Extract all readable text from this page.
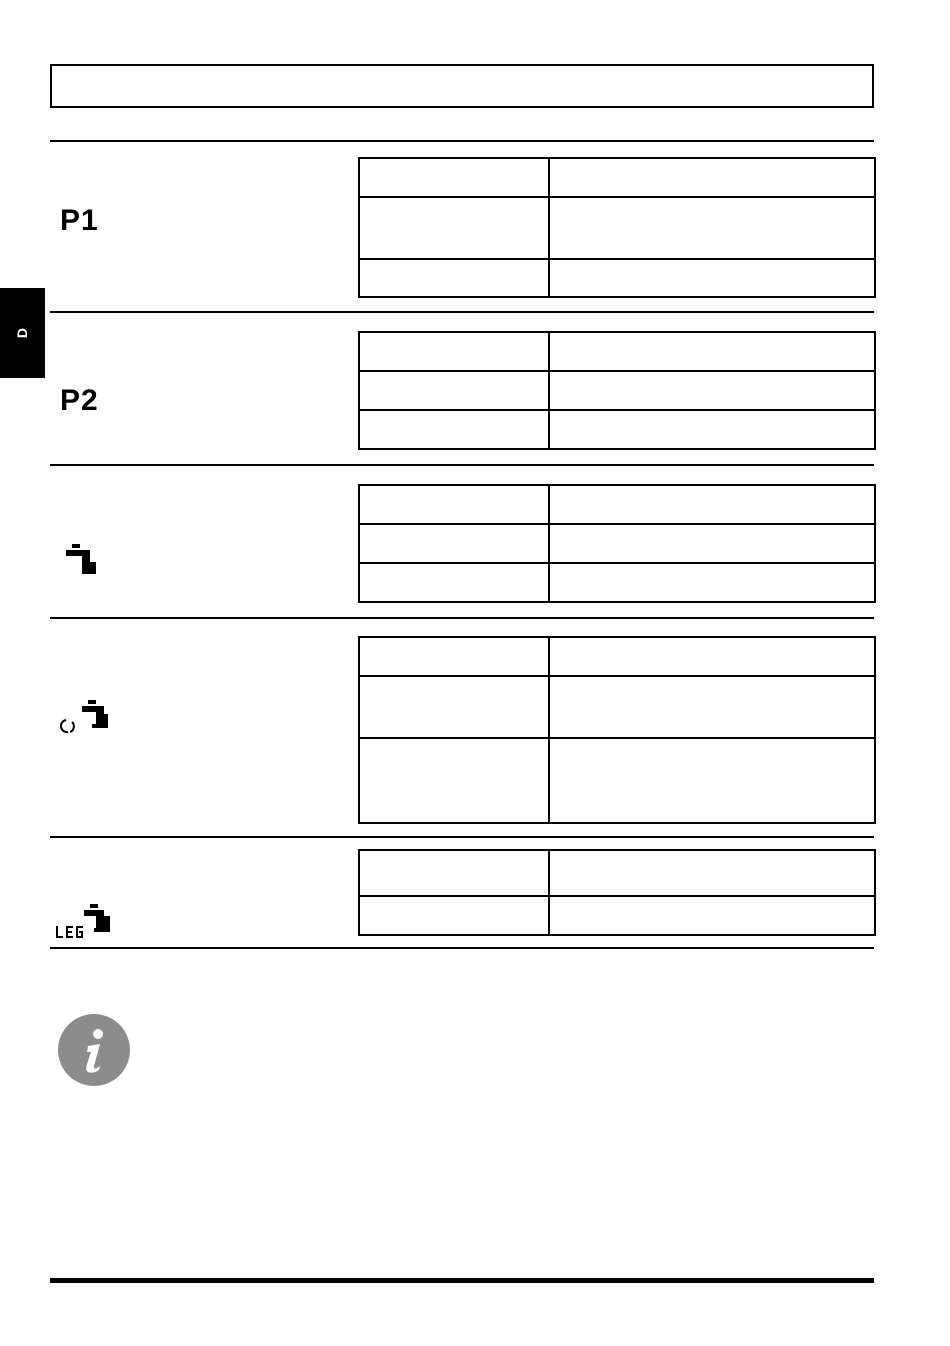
D
P1

P2
